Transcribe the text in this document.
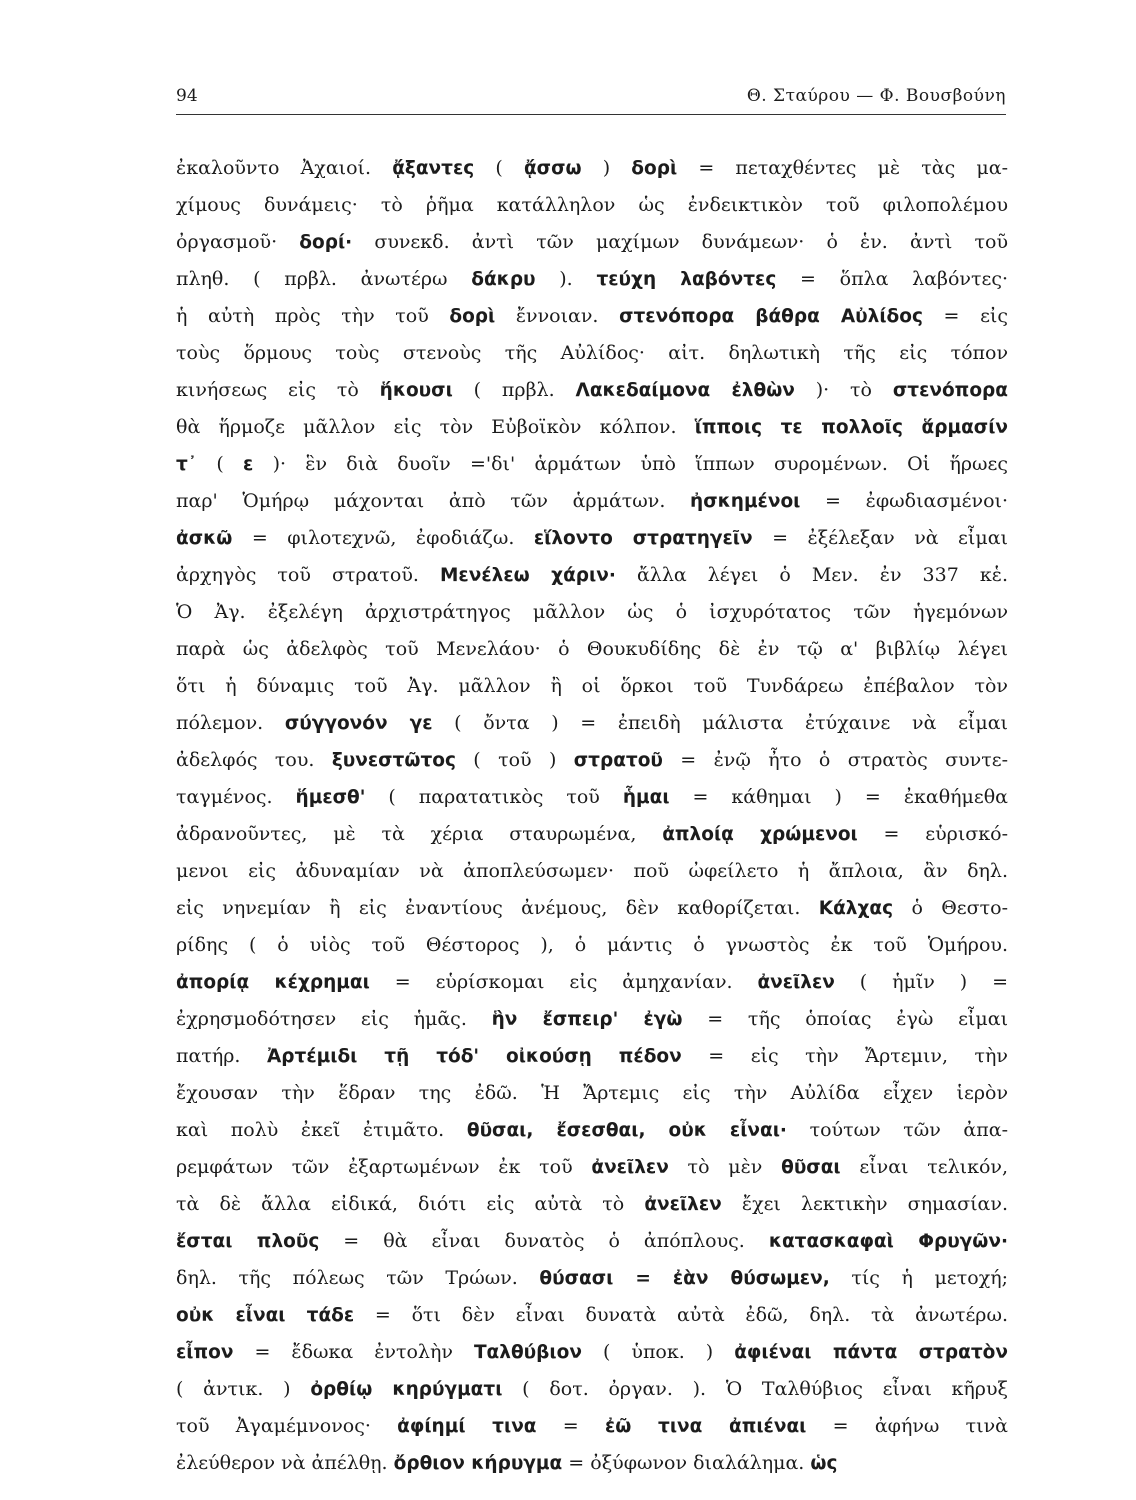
94	Θ. Σταύρου — Φ. Βουσβούνη
ἐκαλοῦντο Ἀχαιοί. ᾄξαντες ( ᾄσσω ) δορὶ = πεταχθέντες μὲ τὰς μα-
χίμους δυνάμεις· τὸ ῥῆμα κατάλληλον ὡς ἐνδεικτικὸν τοῦ φιλοπολέμου
ὀργασμοῦ· δορί· συνεκδ. ἀντὶ τῶν μαχίμων δυνάμεων· ὁ ἑν. ἀντὶ τοῦ
πληθ. ( πρβλ. ἀνωτέρω δάκρυ ). τεύχη λαβόντες = ὅπλα λαβόντες·
ἡ αὐτὴ πρὸς τὴν τοῦ δορὶ ἔννοιαν. στενόπορα βάθρα Αὐλίδος = εἰς
τοὺς ὅρμους τοὺς στενοὺς τῆς Αὐλίδος· αἰτ. δηλωτικὴ τῆς εἰς τόπον
κινήσεως εἰς τὸ ἥκουσι ( πρβλ. Λακεδαίμονα ἐλθὼν )· τὸ στενόπορα
θὰ ἥρμοζε μᾶλλον εἰς τὸν Εὐβοϊκὸν κόλπον. ἵπποις τε πολλοῖς ἅρμασίν
τ᾽ ( ε )· ἓν διὰ δυοῖν ='δι' ἁρμάτων ὑπὸ ἵππων συρομένων. Οἱ ἥρωες
παρ' Ὁμήρῳ μάχονται ἀπὸ τῶν ἁρμάτων. ἠσκημένοι = ἐφωδιασμένοι·
ἀσκῶ = φιλοτεχνῶ, ἐφοδιάζω. εἵλοντο στρατηγεῖν = ἐξέλεξαν νὰ εἶμαι
ἀρχηγὸς τοῦ στρατοῦ. Μενέλεω χάριν· ἄλλα λέγει ὁ Μεν. ἐν 337 κἑ.
Ὁ Ἀγ. ἐξελέγη ἀρχιστράτηγος μᾶλλον ὡς ὁ ἰσχυρότατος τῶν ἡγεμόνων
παρὰ ὡς ἀδελφὸς τοῦ Μενελάου· ὁ Θουκυδίδης δὲ ἐν τῷ α' βιβλίῳ λέγει
ὅτι ἡ δύναμις τοῦ Ἀγ. μᾶλλον ἢ οἱ ὅρκοι τοῦ Τυνδάρεω ἐπέβαλον τὸν
πόλεμον. σύγγονόν γε ( ὄντα ) = ἐπειδὴ μάλιστα ἐτύχαινε νὰ εἶμαι
ἀδελφός του. ξυνεστῶτος ( τοῦ ) στρατοῦ = ἐνῷ ἦτο ὁ στρατὸς συντε-
ταγμένος. ἥμεσθ' ( παρατατικὸς τοῦ ἧμαι = κάθημαι ) = ἐκαθήμεθα
ἀδρανοῦντες, μὲ τὰ χέρια σταυρωμένα, ἀπλοίᾳ χρώμενοι = εὑρισκό-
μενοι εἰς ἀδυναμίαν νὰ ἀποπλεύσωμεν· ποῦ ὠφείλετο ἡ ἄπλοια, ἂν δηλ.
εἰς νηνεμίαν ἢ εἰς ἐναντίους ἀνέμους, δὲν καθορίζεται. Κάλχας ὁ Θεστο-
ρίδης ( ὁ υἱὸς τοῦ Θέστορος ), ὁ μάντις ὁ γνωστὸς ἐκ τοῦ Ὁμήρου.
ἀπορίᾳ κέχρημαι = εὑρίσκομαι εἰς ἀμηχανίαν. ἀνεῖλεν ( ἡμῖν ) =
ἐχρησμοδότησεν εἰς ἡμᾶς. ἣν ἔσπειρ' ἐγὼ = τῆς ὁποίας ἐγὼ εἶμαι
πατήρ. Ἀρτέμιδι τῇ τόδ' οἰκούσῃ πέδον = εἰς τὴν Ἄρτεμιν, τὴν
ἔχουσαν τὴν ἕδραν της ἐδῶ. Ἡ Ἄρτεμις εἰς τὴν Αὐλίδα εἶχεν ἱερὸν
καὶ πολὺ ἐκεῖ ἐτιμᾶτο. θῦσαι, ἔσεσθαι, οὐκ εἶναι· τούτων τῶν ἀπα-
ρεμφάτων τῶν ἐξαρτωμένων ἐκ τοῦ ἀνεῖλεν τὸ μὲν θῦσαι εἶναι τελικόν,
τὰ δὲ ἄλλα εἰδικά, διότι εἰς αὐτὰ τὸ ἀνεῖλεν ἔχει λεκτικὴν σημασίαν.
ἔσται πλοῦς = θὰ εἶναι δυνατὸς ὁ ἀπόπλους. κατασκαφαὶ Φρυγῶν·
δηλ. τῆς πόλεως τῶν Τρώων. θύσασι = ἐὰν θύσωμεν, τίς ἡ μετοχή;
οὐκ εἶναι τάδε = ὅτι δὲν εἶναι δυνατὰ αὐτὰ ἐδῶ, δηλ. τὰ ἀνωτέρω.
εἶπον = ἔδωκα ἐντολὴν Ταλθύβιον ( ὑποκ. ) ἀφιέναι πάντα στρατὸν
( ἀντικ. ) ὀρθίῳ κηρύγματι ( δοτ. ὀργαν. ). Ὁ Ταλθύβιος εἶναι κῆρυξ
τοῦ Ἀγαμέμνονος· ἀφίημί τινα = ἐῶ τινα ἀπιέναι = ἀφήνω τινὰ
ἐλεύθερον νὰ ἀπέλθῃ. ὄρθιον κήρυγμα = ὀξύφωνον διαλάλημα. ὡς
